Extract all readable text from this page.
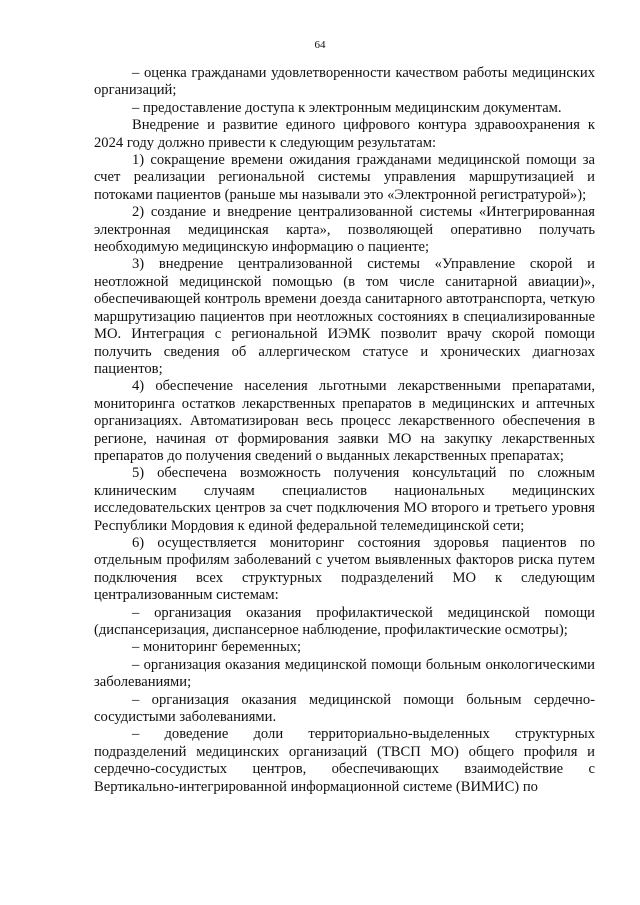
64

– оценка гражданами удовлетворенности качеством работы медицинских организаций;

– предоставление доступа к электронным медицинским документам.

Внедрение и развитие единого цифрового контура здравоохранения к 2024 году должно привести к следующим результатам:

1) сокращение времени ожидания гражданами медицинской помощи за счет реализации региональной системы управления маршрутизацией и потоками пациентов (раньше мы называли это «Электронной регистратурой»);

2) создание и внедрение централизованной системы «Интегрированная электронная медицинская карта», позволяющей оперативно получать необходимую медицинскую информацию о пациенте;

3) внедрение централизованной системы «Управление скорой и неотложной медицинской помощью (в том числе санитарной авиации)», обеспечивающей контроль времени доезда санитарного автотранспорта, четкую маршрутизацию пациентов при неотложных состояниях в специализированные МО. Интеграция с региональной ИЭМК позволит врачу скорой помощи получить сведения об аллергическом статусе и хронических диагнозах пациентов;

4) обеспечение населения льготными лекарственными препаратами, мониторинга остатков лекарственных препаратов в медицинских и аптечных организациях. Автоматизирован весь процесс лекарственного обеспечения в регионе, начиная от формирования заявки МО на закупку лекарственных препаратов до получения сведений о выданных лекарственных препаратах;

5) обеспечена возможность получения консультаций по сложным клиническим случаям специалистов национальных медицинских исследовательских центров за счет подключения МО второго и третьего уровня Республики Мордовия к единой федеральной телемедицинской сети;

6) осуществляется мониторинг состояния здоровья пациентов по отдельным профилям заболеваний с учетом выявленных факторов риска путем подключения всех структурных подразделений МО к следующим централизованным системам:

– организация оказания профилактической медицинской помощи (диспансеризация, диспансерное наблюдение, профилактические осмотры);

– мониторинг беременных;

– организация оказания медицинской помощи больным онкологическими заболеваниями;

– организация оказания медицинской помощи больным сердечно-сосудистыми заболеваниями.

– доведение доли территориально-выделенных структурных подразделений медицинских организаций (ТВСП МО) общего профиля и сердечно-сосудистых центров, обеспечивающих взаимодействие с Вертикально-интегрированной информационной системе (ВИМИС) по
